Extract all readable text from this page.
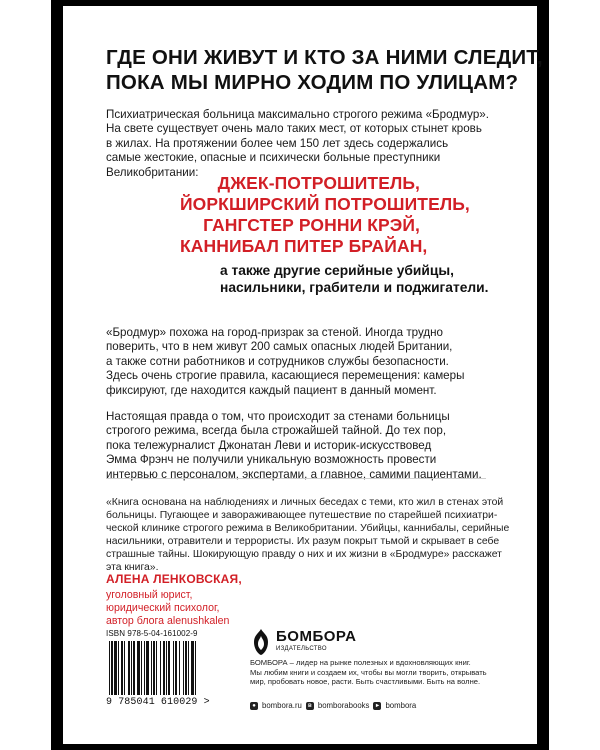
ГДЕ ОНИ ЖИВУТ И КТО ЗА НИМИ СЛЕДИТ,
ПОКА МЫ МИРНО ХОДИМ ПО УЛИЦАМ?
Психиатрическая больница максимально строгого режима «Бродмур».
На свете существует очень мало таких мест, от которых стынет кровь
в жилах. На протяжении более чем 150 лет здесь содержались
самые жестокие, опасные и психически больные преступники
Великобритании:
ДЖЕК-ПОТРОШИТЕЛЬ,
ЙОРКШИРСКИЙ ПОТРОШИТЕЛЬ,
ГАНГСТЕР РОННИ КРЭЙ,
КАННИБАЛ ПИТЕР БРАЙАН,
а также другие серийные убийцы,
насильники, грабители и поджигатели.
«Бродмур» похожа на город-призрак за стеной. Иногда трудно
поверить, что в нем живут 200 самых опасных людей Британии,
а также сотни работников и сотрудников службы безопасности.
Здесь очень строгие правила, касающиеся перемещения: камеры
фиксируют, где находится каждый пациент в данный момент.
Настоящая правда о том, что происходит за стенами больницы
строгого режима, всегда была строжайшей тайной. До тех пор,
пока тележурналист Джонатан Леви и историк-искусствовед
Эмма Фрэнч не получили уникальную возможность провести
интервью с персоналом, экспертами, а главное, самими пациентами.
«Книга основана на наблюдениях и личных беседах с теми, кто жил в стенах этой
больницы. Пугающее и завораживающее путешествие по старейшей психиатри-
ческой клинике строгого режима в Великобритании. Убийцы, каннибалы, серийные
насильники, отравители и террористы. Их разум покрыт тьмой и скрывает в себе
страшные тайны. Шокирующую правду о них и их жизни в «Бродмуре» расскажет
эта книга».
АЛЕНА ЛЕНКОВСКАЯ,
уголовный юрист,
юридический психолог,
автор блога alenushkalen
ISBN 978-5-04-161002-9
9 785041 610029 >
БОМБОРА
ИЗДАТЕЛЬСТВО
БОМБОРА – лидер на рынке полезных и вдохновляющих книг.
Мы любим книги и создаем их, чтобы вы могли творить, открывать
мир, пробовать новое, расти. Быть счастливыми. Быть на волне.
● bombora.ru	в bomborabooks	▸ bombora
